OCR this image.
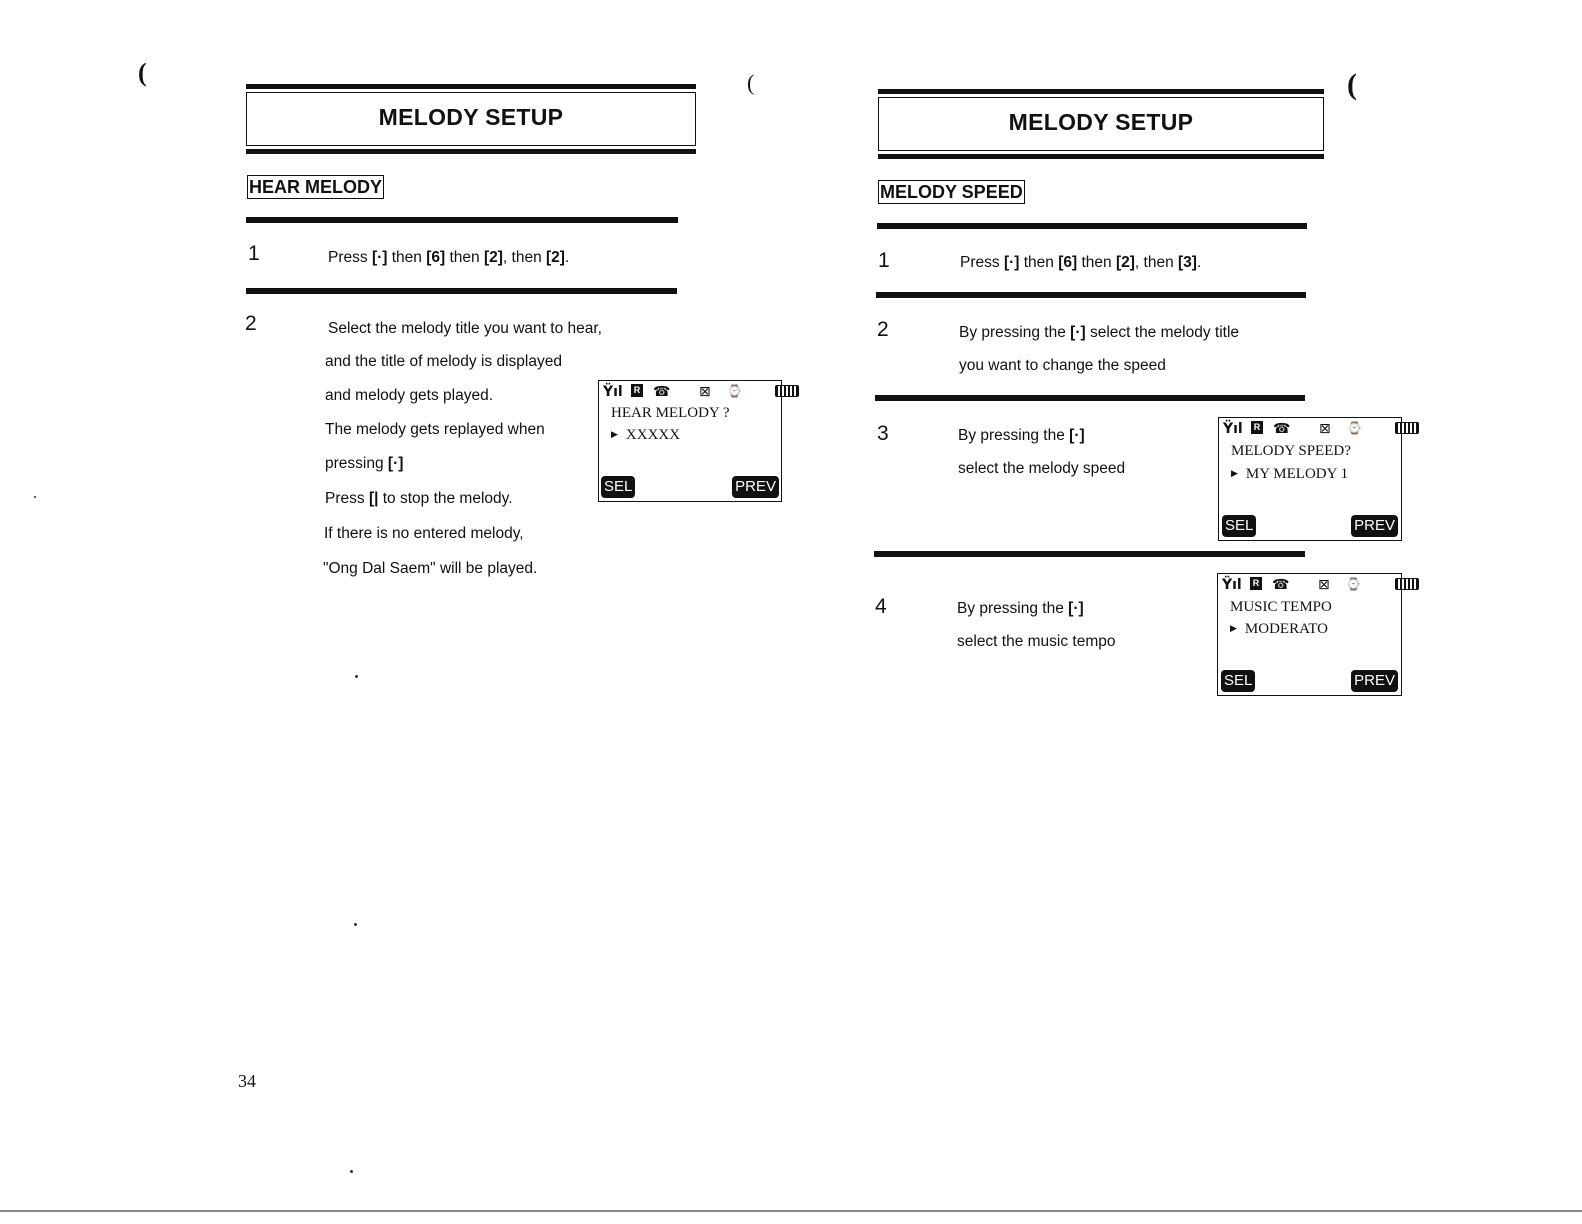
(	(	(
MELODY SETUP
HEAR MELODY
1	Press [·] then [6] then [2], then [2].
2	Select the melody title you want to hear,
and the title of melody is displayed
and melody gets played.
The melody gets replayed when
pressing [·]
Press [| to stop the melody.
If there is no entered melody,
"Ong Dal Saem" will be played.
Ÿıl	R ☎ ⊠ ⌚
HEAR MELODY ?
▶ XXXXX
SEL	PREV
34
MELODY SETUP
MELODY SPEED
1	Press [·] then [6] then [2], then [3].
2	By pressing the [·] select the melody title
you want to change the speed
3	By pressing the [·]
select the melody speed
Ÿıl	R ☎ ⊠ ⌚
MELODY SPEED?
▶ MY MELODY 1
SEL	PREV
4	By pressing the [·]
select the music tempo
Ÿıl	R ☎ ⊠ ⌚
MUSIC TEMPO
▶ MODERATO
SEL	PREV
